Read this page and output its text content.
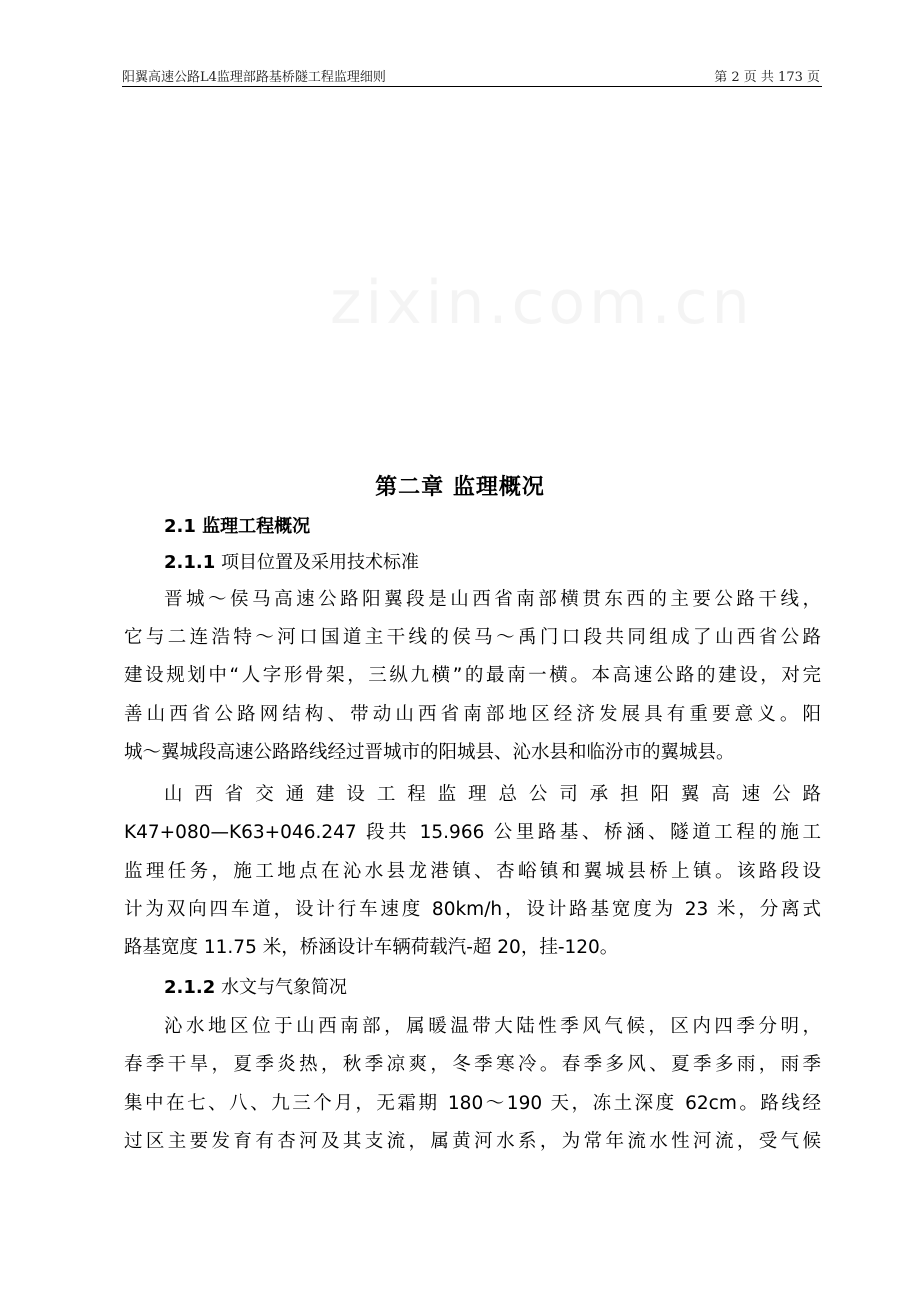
阳翼高速公路L4监理部路基桥隧工程监理细则	第 2 页 共 173 页
第二章 监理概况
2.1 监理工程概况
2.1.1 项目位置及采用技术标准
晋城～侯马高速公路阳翼段是山西省南部横贯东西的主要公路干线，
它与二连浩特～河口国道主干线的侯马～禹门口段共同组成了山西省公路
建设规划中“人字形骨架，三纵九横”的最南一横。本高速公路的建设，对完
善山西省公路网结构、带动山西省南部地区经济发展具有重要意义。阳
城～翼城段高速公路路线经过晋城市的阳城县、沁水县和临汾市的翼城县。
山 西 省 交 通 建 设 工 程 监 理 总 公 司 承 担 阳 翼 高 速 公 路
K47+080—K63+046.247 段共 15.966 公里路基、桥涵、隧道工程的施工
监理任务，施工地点在沁水县龙港镇、杏峪镇和翼城县桥上镇。该路段设
计为双向四车道，设计行车速度 80km/h，设计路基宽度为 23 米，分离式
路基宽度 11.75 米，桥涵设计车辆荷载汽-超 20，挂-120。
2.1.2 水文与气象简况
沁水地区位于山西南部，属暖温带大陆性季风气候，区内四季分明，
春季干旱，夏季炎热，秋季凉爽，冬季寒冷。春季多风、夏季多雨，雨季
集中在七、八、九三个月，无霜期 180～190 天，冻土深度 62cm。路线经
过区主要发育有杏河及其支流，属黄河水系，为常年流水性河流，受气候
